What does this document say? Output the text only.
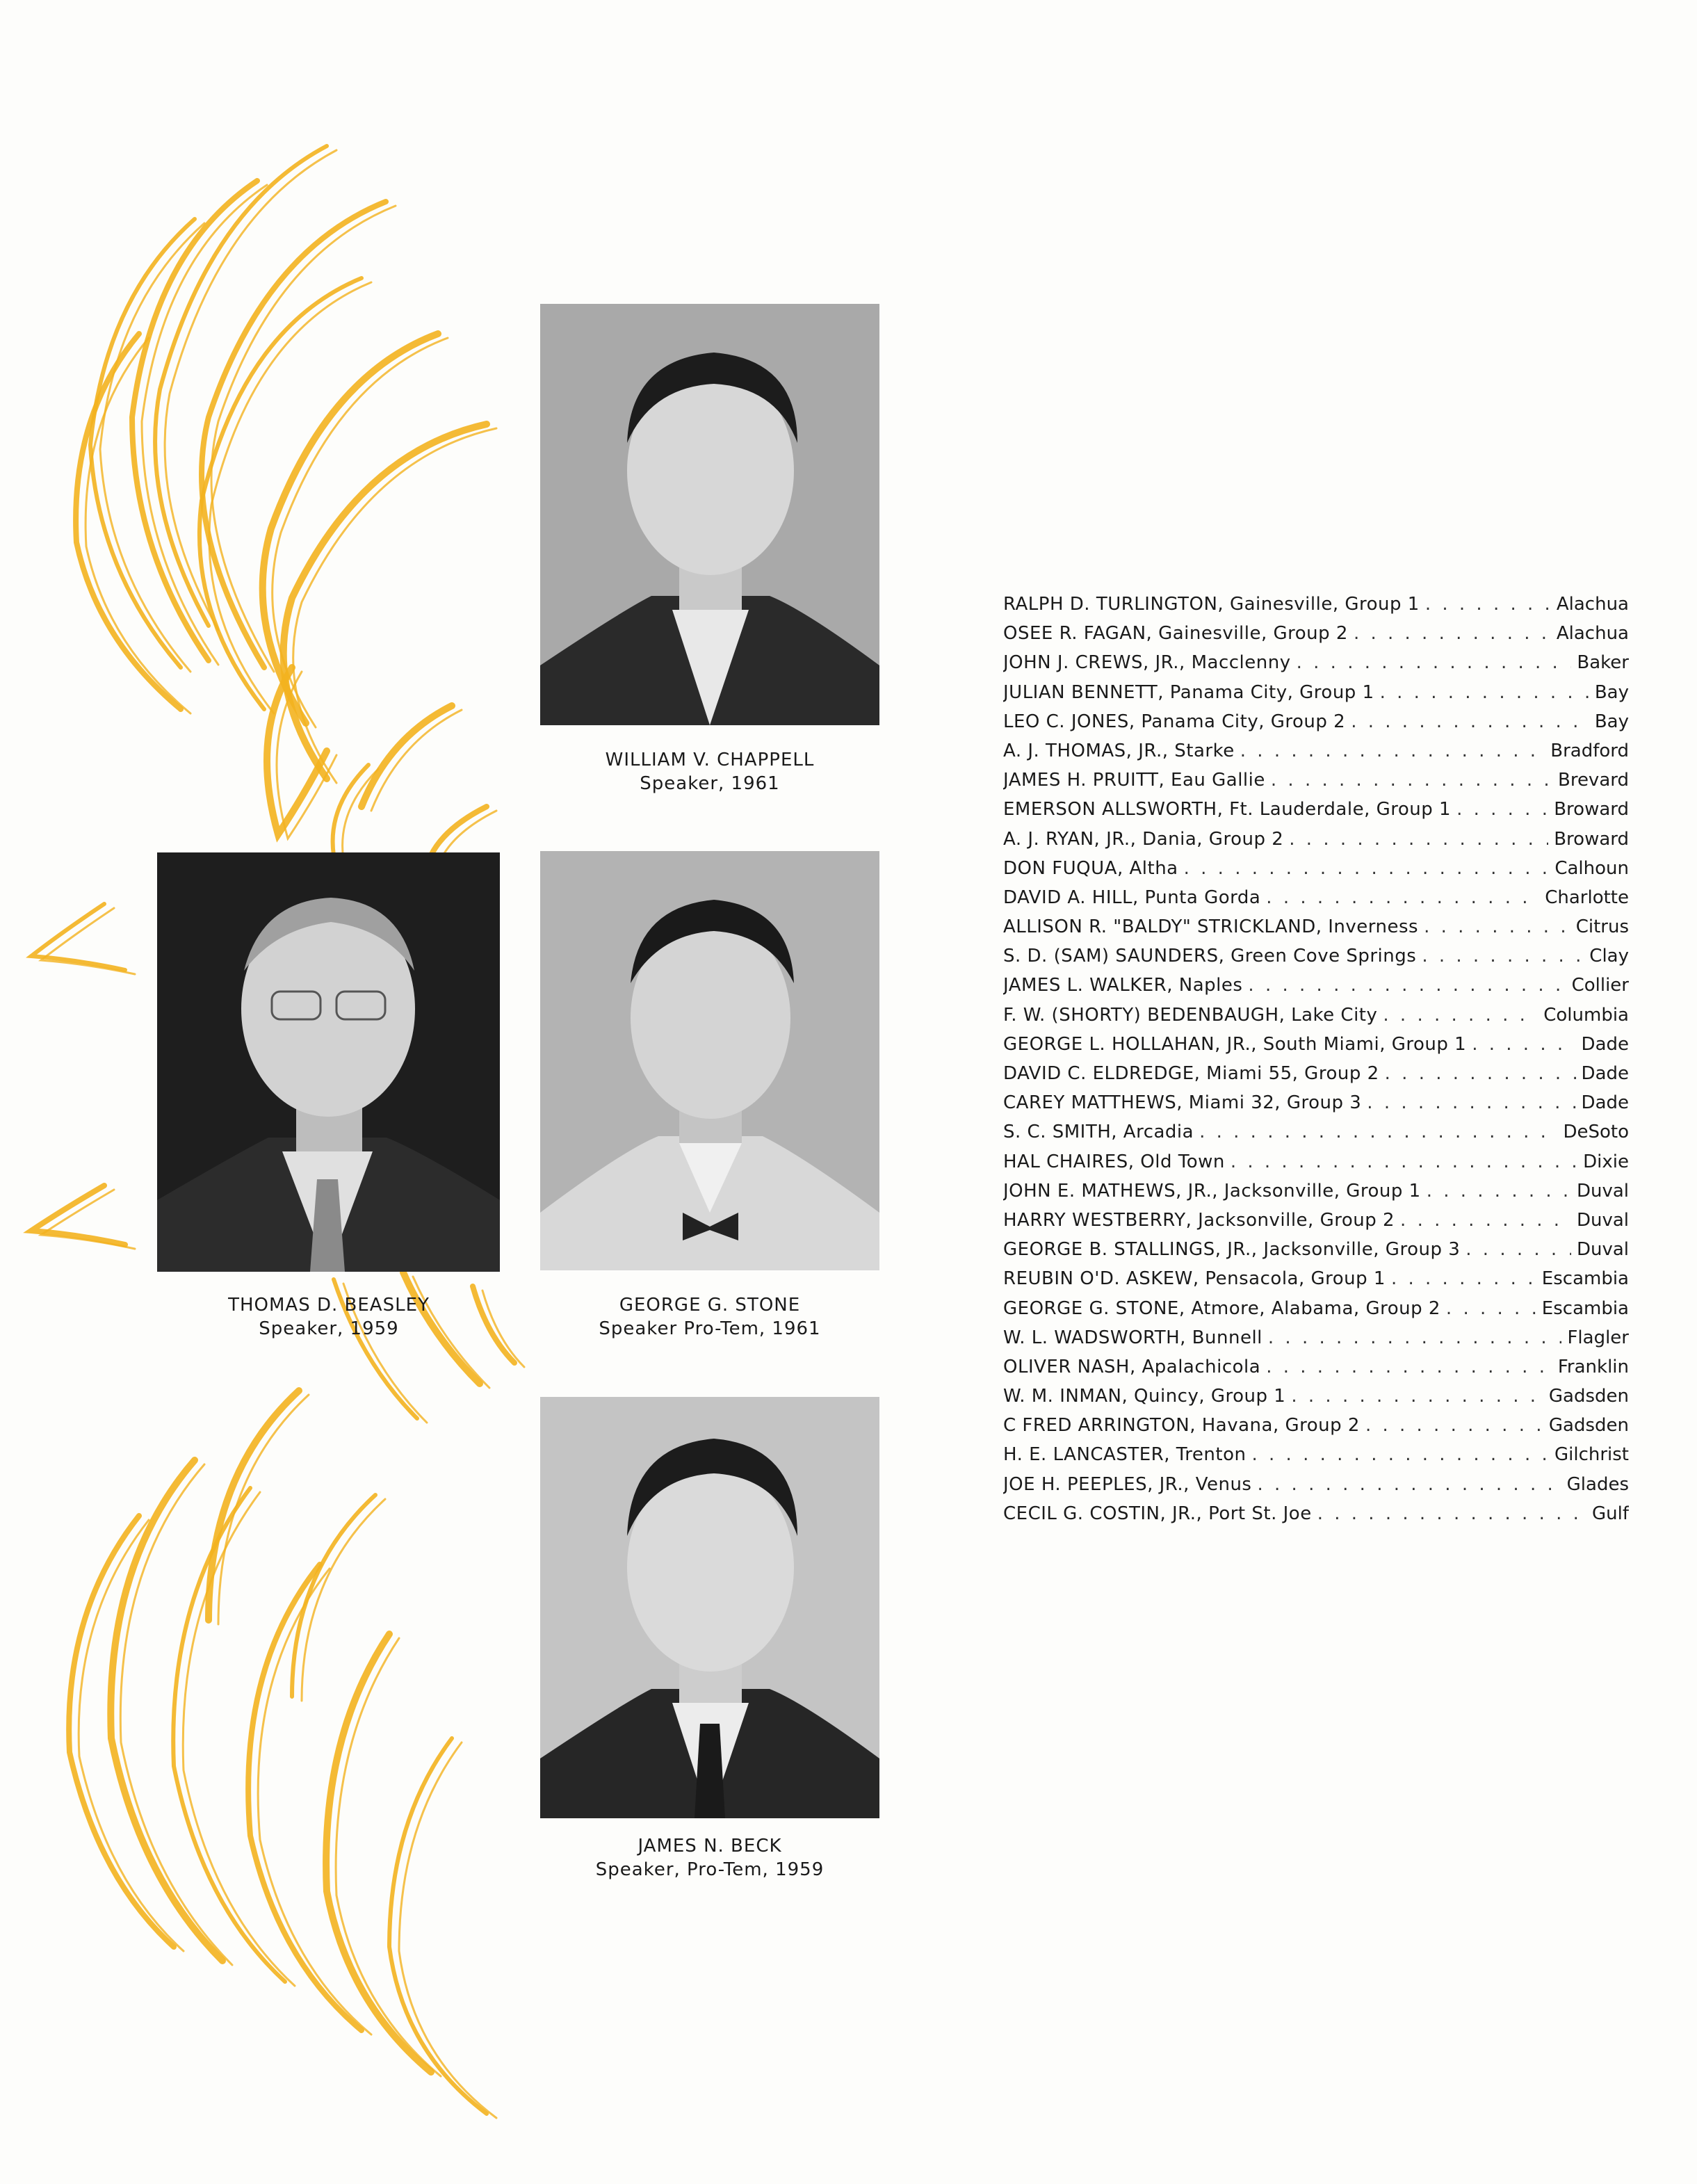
WILLIAM V. CHAPPELL
Speaker, 1961
THOMAS D. BEASLEY
Speaker, 1959
GEORGE G. STONE
Speaker Pro-Tem, 1961
JAMES N. BECK
Speaker, Pro-Tem, 1959
RALPH D. TURLINGTON, Gainesville, Group 1 . . .	Alachua
OSEE R. FAGAN, Gainesville, Group 2 . . .	Alachua
JOHN J. CREWS, JR., Macclenny . . .	Baker
JULIAN BENNETT, Panama City, Group 1 . . .	Bay
LEO C. JONES, Panama City, Group 2 . . .	Bay
A. J. THOMAS, JR., Starke . . .	Bradford
JAMES H. PRUITT, Eau Gallie . . .	Brevard
EMERSON ALLSWORTH, Ft. Lauderdale, Group 1 . . .	Broward
A. J. RYAN, JR., Dania, Group 2 . . .	Broward
DON FUQUA, Altha . . .	Calhoun
DAVID A. HILL, Punta Gorda . . .	Charlotte
ALLISON R. "BALDY" STRICKLAND, Inverness . . .	Citrus
S. D. (SAM) SAUNDERS, Green Cove Springs . . .	Clay
JAMES L. WALKER, Naples . . .	Collier
F. W. (SHORTY) BEDENBAUGH, Lake City . . .	Columbia
GEORGE L. HOLLAHAN, JR., South Miami, Group 1 . . .	Dade
DAVID C. ELDREDGE, Miami 55, Group 2 . . .	Dade
CAREY MATTHEWS, Miami 32, Group 3 . . .	Dade
S. C. SMITH, Arcadia . . .	DeSoto
HAL CHAIRES, Old Town . . .	Dixie
JOHN E. MATHEWS, JR., Jacksonville, Group 1 . . .	Duval
HARRY WESTBERRY, Jacksonville, Group 2 . . .	Duval
GEORGE B. STALLINGS, JR., Jacksonville, Group 3 . . .	Duval
REUBIN O'D. ASKEW, Pensacola, Group 1 . . .	Escambia
GEORGE G. STONE, Atmore, Alabama, Group 2 . . .	Escambia
W. L. WADSWORTH, Bunnell . . .	Flagler
OLIVER NASH, Apalachicola . . .	Franklin
W. M. INMAN, Quincy, Group 1 . . .	Gadsden
C FRED ARRINGTON, Havana, Group 2 . . .	Gadsden
H. E. LANCASTER, Trenton . . .	Gilchrist
JOE H. PEEPLES, JR., Venus . . .	Glades
CECIL G. COSTIN, JR., Port St. Joe . . .	Gulf
